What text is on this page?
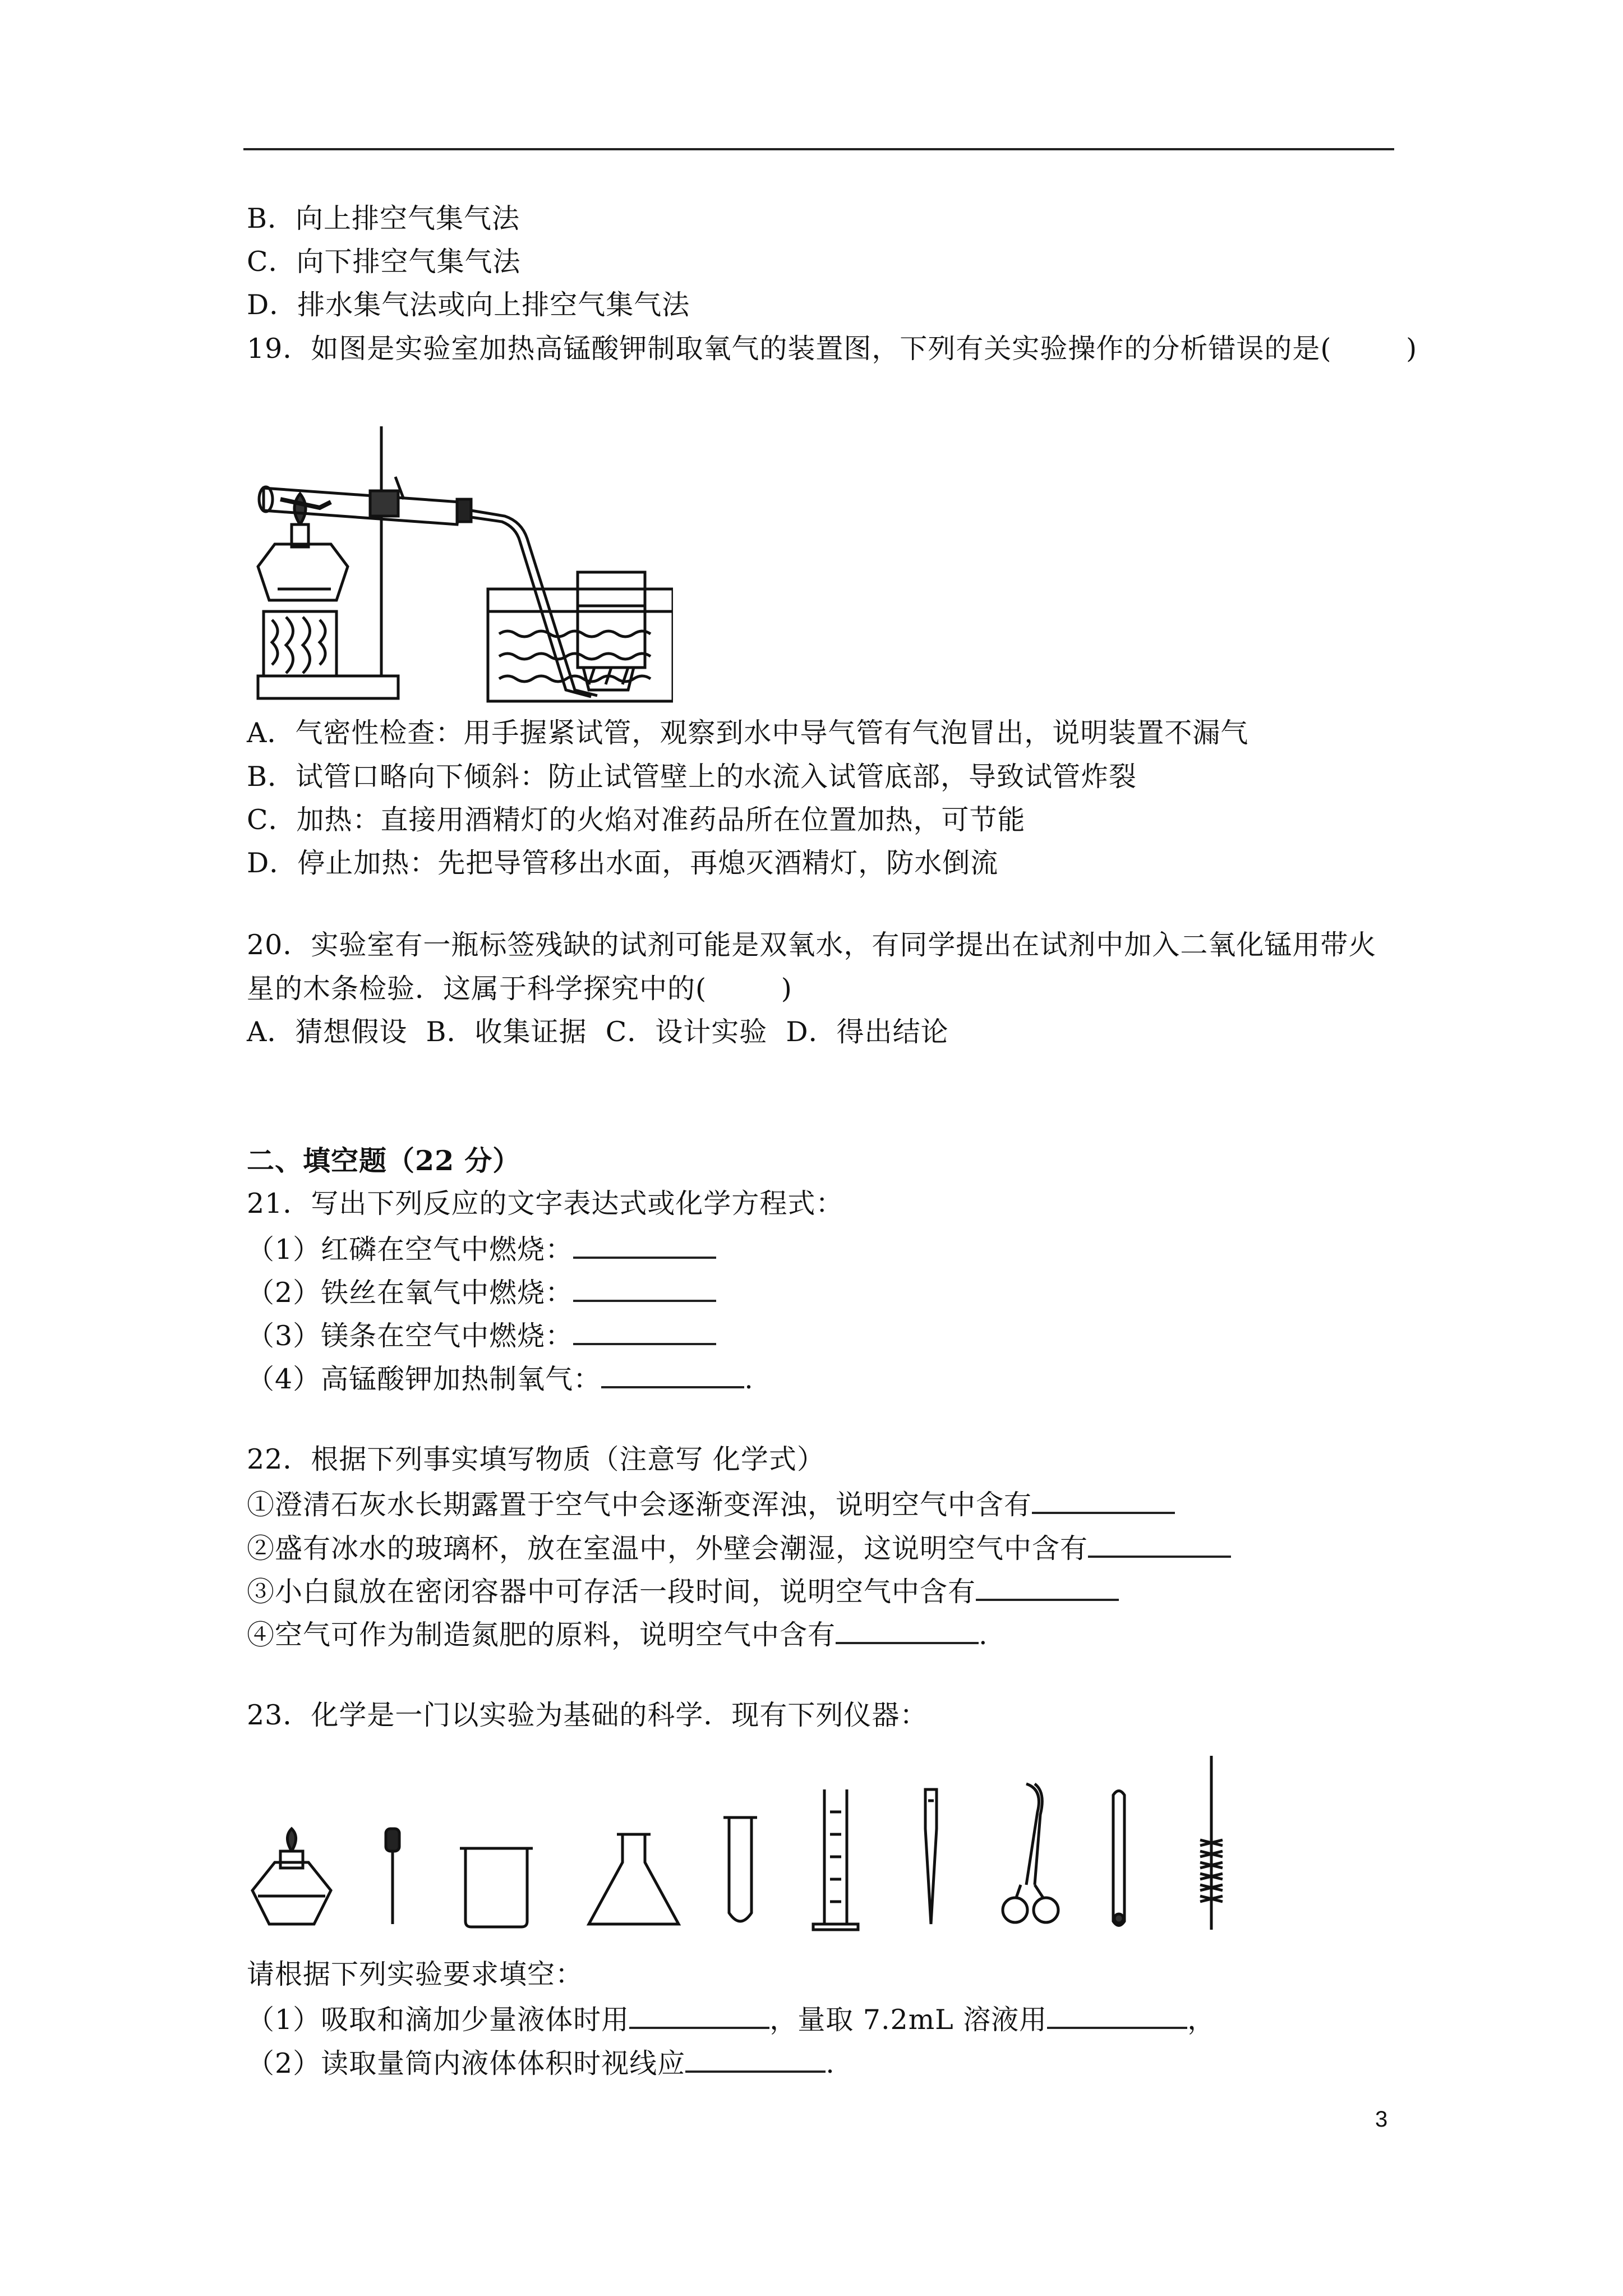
B．向上排空气集气法
C．向下排空气集气法
D．排水集气法或向上排空气集气法
19．如图是实验室加热高锰酸钾制取氧气的装置图，下列有关实验操作的分析错误的是(        )
A．气密性检查：用手握紧试管，观察到水中导气管有气泡冒出，说明装置不漏气
B．试管口略向下倾斜：防止试管壁上的水流入试管底部，导致试管炸裂
C．加热：直接用酒精灯的火焰对准药品所在位置加热，可节能
D．停止加热：先把导管移出水面，再熄灭酒精灯，防水倒流
20．实验室有一瓶标签残缺的试剂可能是双氧水，有同学提出在试剂中加入二氧化锰用带火
星的木条检验．这属于科学探究中的(        )
A．猜想假设  B．收集证据  C．设计实验  D．得出结论
二、填空题（22 分）
21．写出下列反应的文字表达式或化学方程式：
（1）红磷在空气中燃烧：
（2）铁丝在氧气中燃烧：
（3）镁条在空气中燃烧：
（4）高锰酸钾加热制氧气：	.
22．根据下列事实填写物质（注意写 化学式）
①澄清石灰水长期露置于空气中会逐渐变浑浊，说明空气中含有
②盛有冰水的玻璃杯，放在室温中，外壁会潮湿，这说明空气中含有
③小白鼠放在密闭容器中可存活一段时间，说明空气中含有
④空气可作为制造氮肥的原料，说明空气中含有	.
23．化学是一门以实验为基础的科学．现有下列仪器：
请根据下列实验要求填空：
（1）吸取和滴加少量液体时用	，量取 7.2mL 溶液用	，
（2）读取量筒内液体体积时视线应	.
3
